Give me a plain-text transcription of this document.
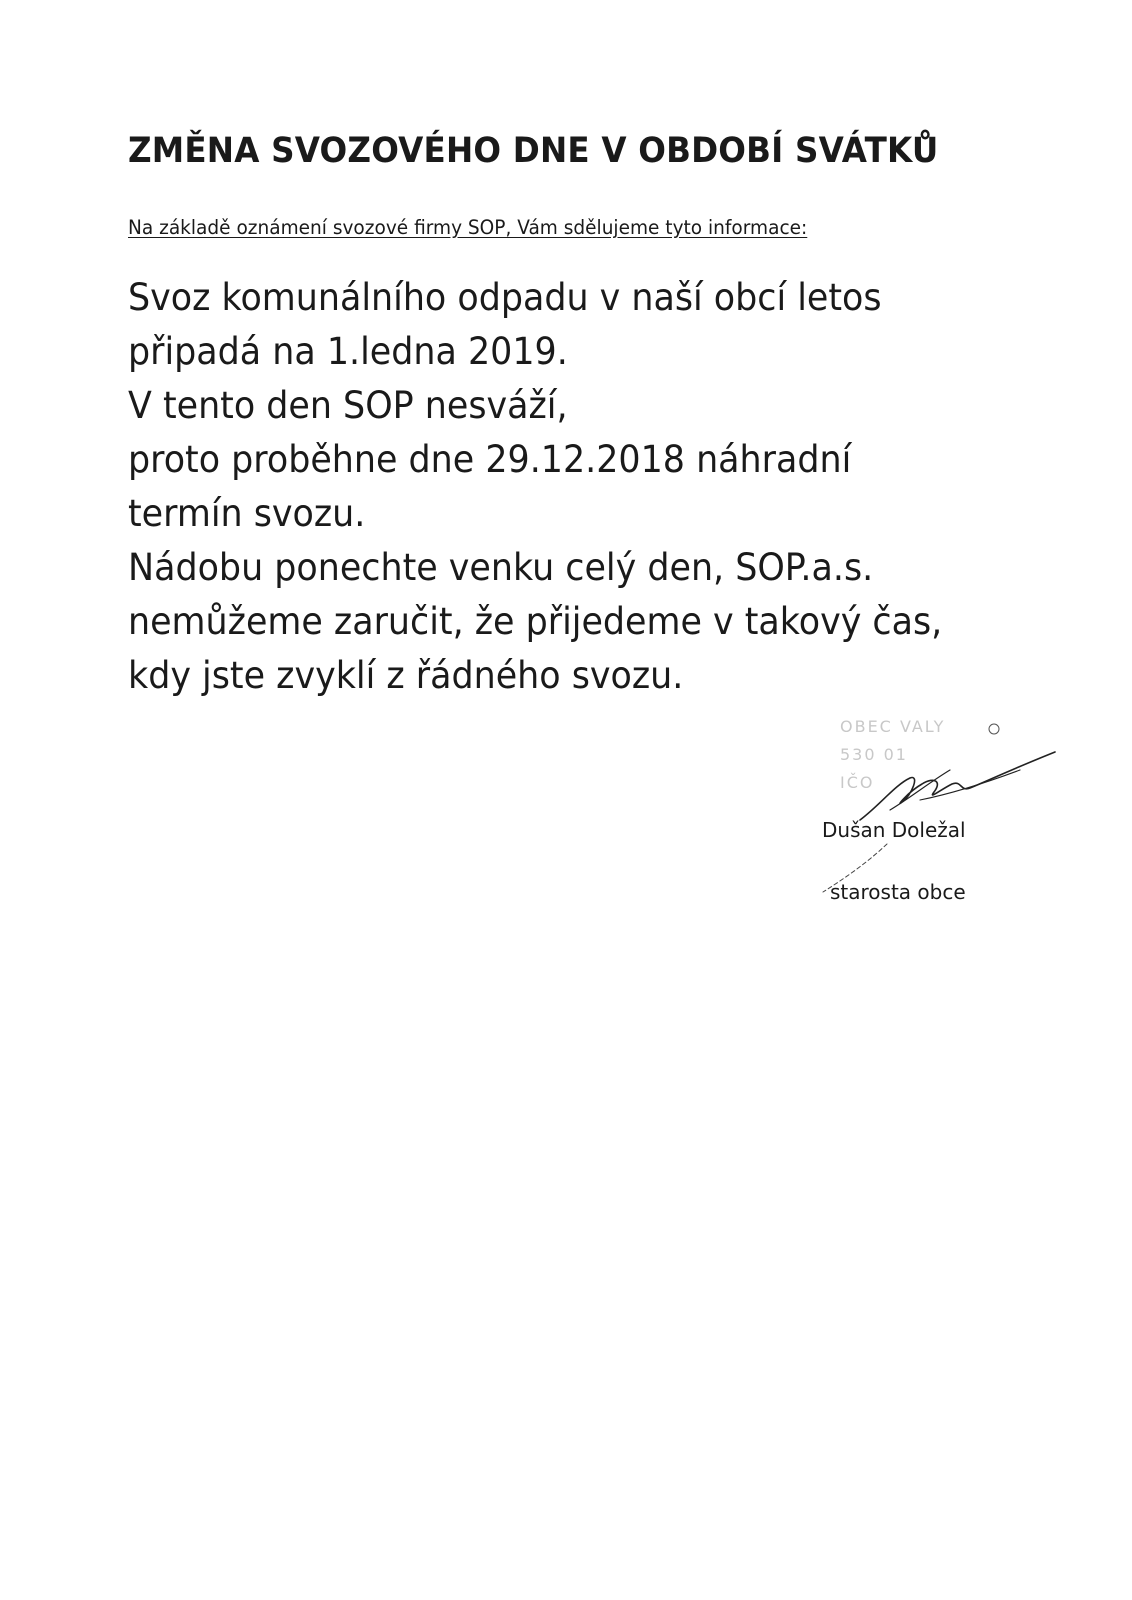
ZMĚNA SVOZOVÉHO DNE V OBDOBÍ SVÁTKŮ

Na základě oznámení svozové firmy SOP, Vám sdělujeme tyto informace:

Svoz komunálního odpadu v naší obcí letos
připadá na 1.ledna 2019.
V tento den SOP nesváží,
proto proběhne dne 29.12.2018 náhradní
termín svozu.
Nádobu ponechte venku celý den, SOP.a.s.
nemůžeme zaručit, že přijedeme v takový čas,
kdy jste zvyklí z řádného svozu.
OBEC VALY
530 01
IČO

Dušan Doležal

starosta obce
